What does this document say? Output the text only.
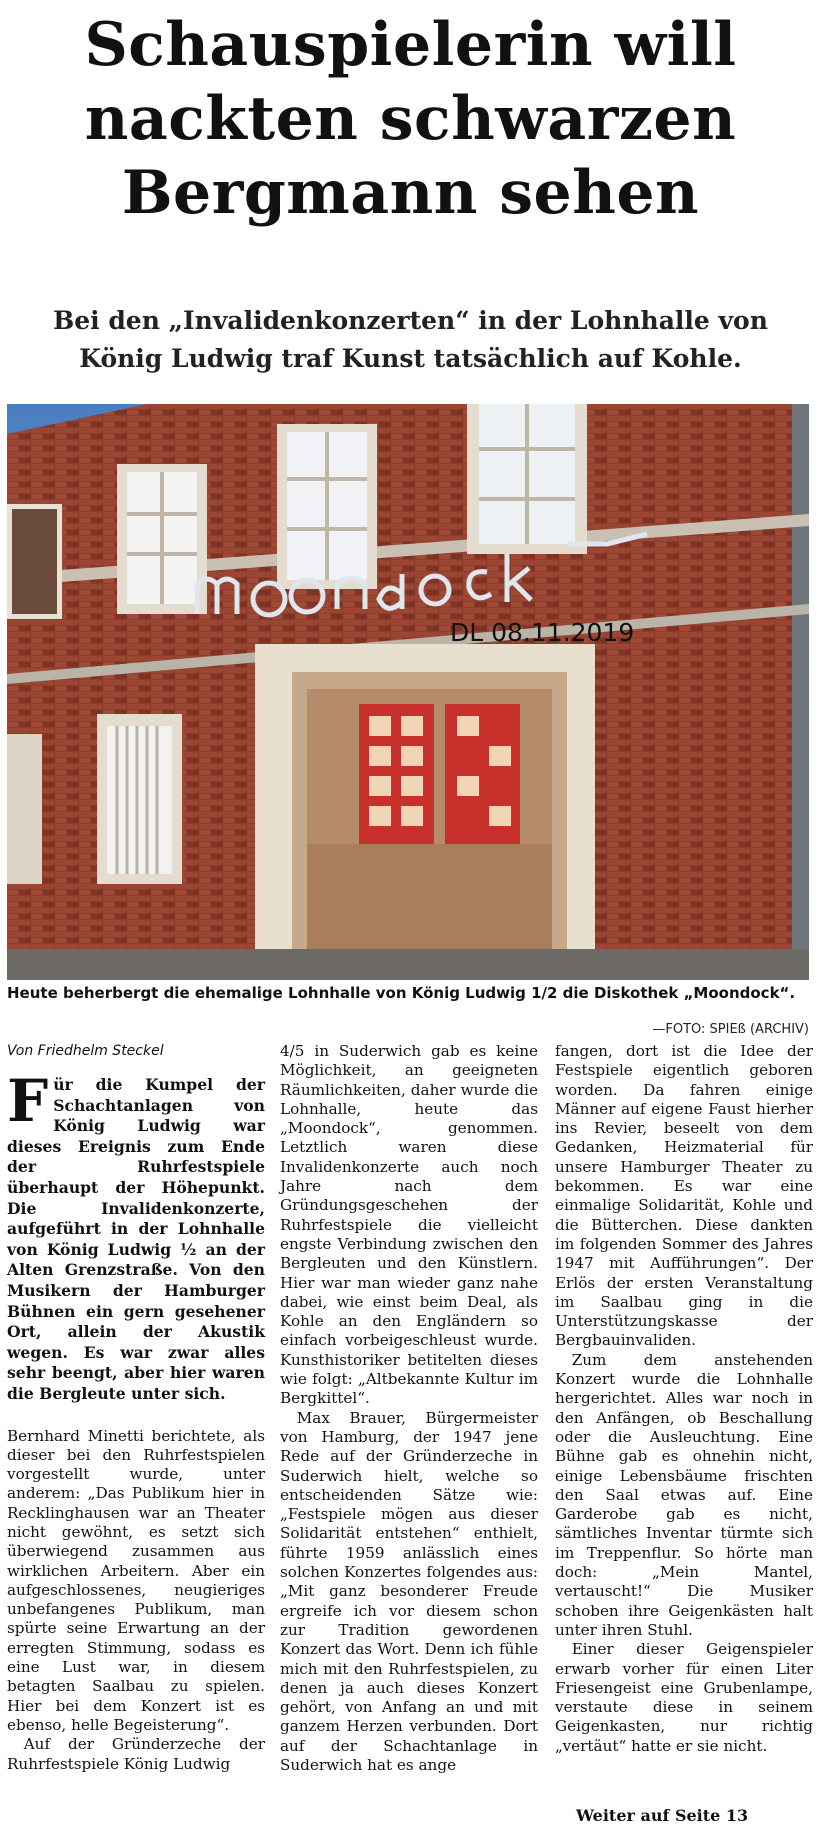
Schauspielerin will
nackten schwarzen
Bergmann sehen
Bei den „Invalidenkonzerten“ in der Lohnhalle von
König Ludwig traf Kunst tatsächlich auf Kohle.
DL 08.11.2019
Heute beherbergt die ehemalige Lohnhalle von König Ludwig 1/2 die Diskothek „Moondock“.
—FOTO: SPIEß (ARCHIV)
Von Friedhelm Steckel

Für die Kumpel der Schachtanlagen von König Ludwig war dieses Ereignis zum Ende der Ruhrfestspiele überhaupt der Höhepunkt. Die Invalidenkonzerte, aufgeführt in der Lohnhalle von König Ludwig ½ an der Alten Grenzstraße. Von den Musikern der Hamburger Bühnen ein gern gesehener Ort, allein der Akustik wegen. Es war zwar alles sehr beengt, aber hier waren die Bergleute unter sich.

Bernhard Minetti berichtete, als dieser bei den Ruhrfestspielen vorgestellt wurde, unter anderem: „Das Publikum hier in Recklinghausen war an Theater nicht gewöhnt, es setzt sich überwiegend zusammen aus wirklichen Arbeitern. Aber ein aufgeschlossenes, neugieriges unbefangenes Publikum, man spürte seine Erwartung an der erregten Stimmung, sodass es eine Lust war, in diesem betagten Saalbau zu spielen. Hier bei dem Konzert ist es ebenso, helle Begeisterung“.

Auf der Gründerzeche der Ruhrfestspiele König Ludwig

4/5 in Suderwich gab es keine Möglichkeit, an geeigneten Räumlichkeiten, daher wurde die Lohnhalle, heute das „Moondock“, genommen. Letztlich waren diese Invalidenkonzerte auch noch Jahre nach dem Gründungsgeschehen der Ruhrfestspiele die vielleicht engste Verbindung zwischen den Bergleuten und den Künstlern. Hier war man wieder ganz nahe dabei, wie einst beim Deal, als Kohle an den Engländern so einfach vorbeigeschleust wurde. Kunsthistoriker betitelten dieses wie folgt: „Altbekannte Kultur im Bergkittel“.

Max Brauer, Bürgermeister von Hamburg, der 1947 jene Rede auf der Gründerzeche in Suderwich hielt, welche so entscheidenden Sätze wie: „Festspiele mögen aus dieser Solidarität entstehen“ enthielt, führte 1959 anlässlich eines solchen Konzertes folgendes aus: „Mit ganz besonderer Freude ergreife ich vor diesem schon zur Tradition gewordenen Konzert das Wort. Denn ich fühle mich mit den Ruhrfestspielen, zu denen ja auch dieses Konzert gehört, von Anfang an und mit ganzem Herzen verbunden. Dort auf der Schachtanlage in Suderwich hat es ange

fangen, dort ist die Idee der Festspiele eigentlich geboren worden. Da fahren einige Männer auf eigene Faust hierher ins Revier, beseelt von dem Gedanken, Heizmaterial für unsere Hamburger Theater zu bekommen. Es war eine einmalige Solidarität, Kohle und die Bütterchen. Diese dankten im folgenden Sommer des Jahres 1947 mit Aufführungen“. Der Erlös der ersten Veranstaltung im Saalbau ging in die Unterstützungskasse der Bergbauinvaliden.

Zum dem anstehenden Konzert wurde die Lohnhalle hergerichtet. Alles war noch in den Anfängen, ob Beschallung oder die Ausleuchtung. Eine Bühne gab es ohnehin nicht, einige Lebensbäume frischten den Saal etwas auf. Eine Garderobe gab es nicht, sämtliches Inventar türmte sich im Treppenflur. So hörte man doch: „Mein Mantel, vertauscht!“ Die Musiker schoben ihre Geigenkästen halt unter ihren Stuhl.

Einer dieser Geigenspieler erwarb vorher für einen Liter Friesengeist eine Grubenlampe, verstaute diese in seinem Geigenkasten, nur richtig „vertäut“ hatte er sie nicht.

Weiter auf Seite 13
